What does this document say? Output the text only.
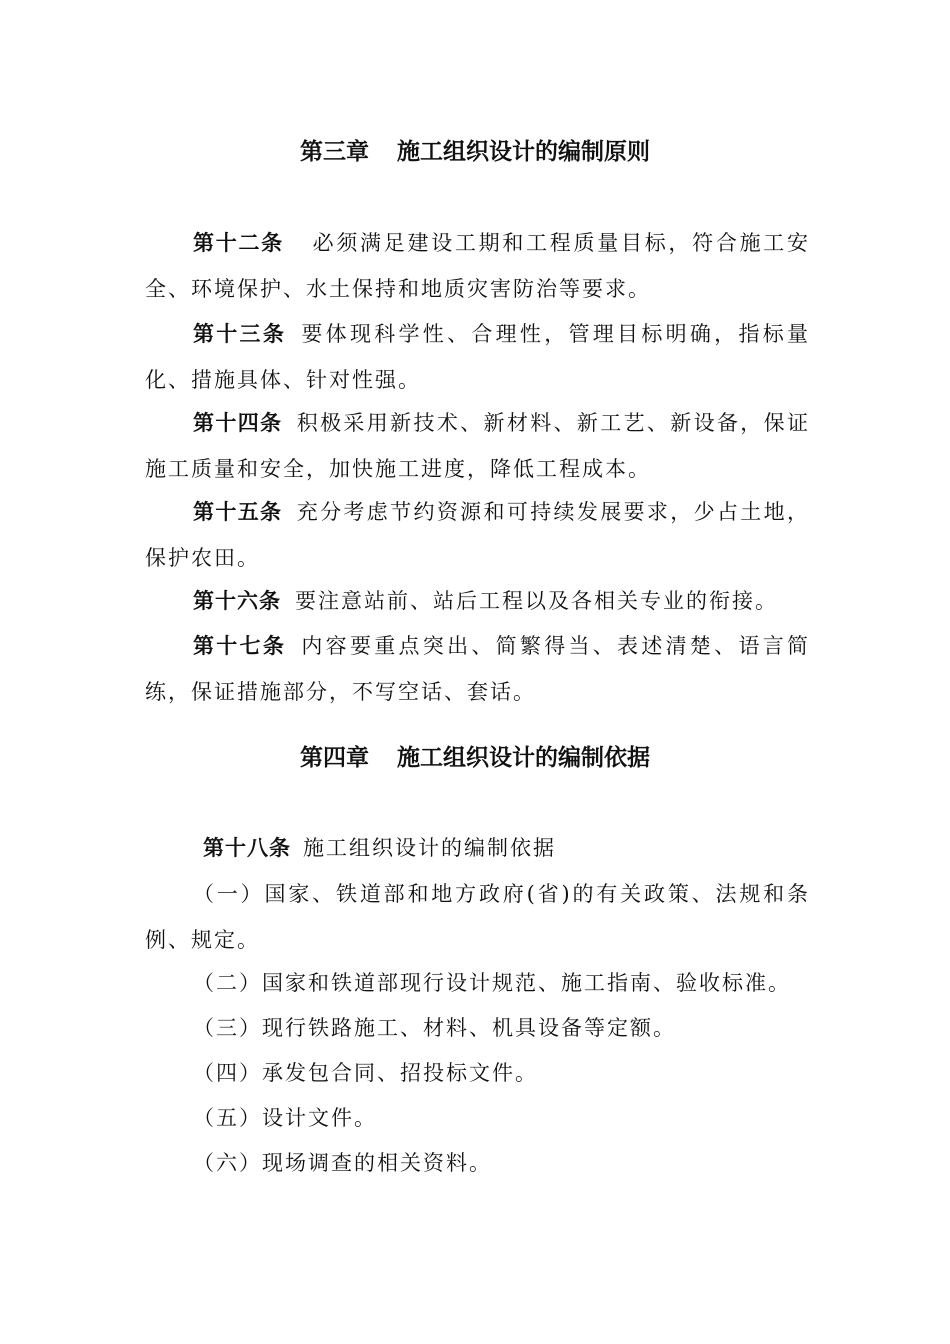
第三章 施工组织设计的编制原则

第十二条 必须满足建设工期和工程质量目标，符合施工安全、环境保护、水土保持和地质灾害防治等要求。

第十三条 要体现科学性、合理性，管理目标明确，指标量化、措施具体、针对性强。

第十四条 积极采用新技术、新材料、新工艺、新设备，保证施工质量和安全，加快施工进度，降低工程成本。

第十五条 充分考虑节约资源和可持续发展要求，少占土地，保护农田。

第十六条 要注意站前、站后工程以及各相关专业的衔接。

第十七条 内容要重点突出、简繁得当、表述清楚、语言简练，保证措施部分，不写空话、套话。

第四章 施工组织设计的编制依据

第十八条 施工组织设计的编制依据

（一）国家、铁道部和地方政府(省)的有关政策、法规和条例、规定。

（二）国家和铁道部现行设计规范、施工指南、验收标准。

（三）现行铁路施工、材料、机具设备等定额。

（四）承发包合同、招投标文件。

（五）设计文件。

（六）现场调查的相关资料。
